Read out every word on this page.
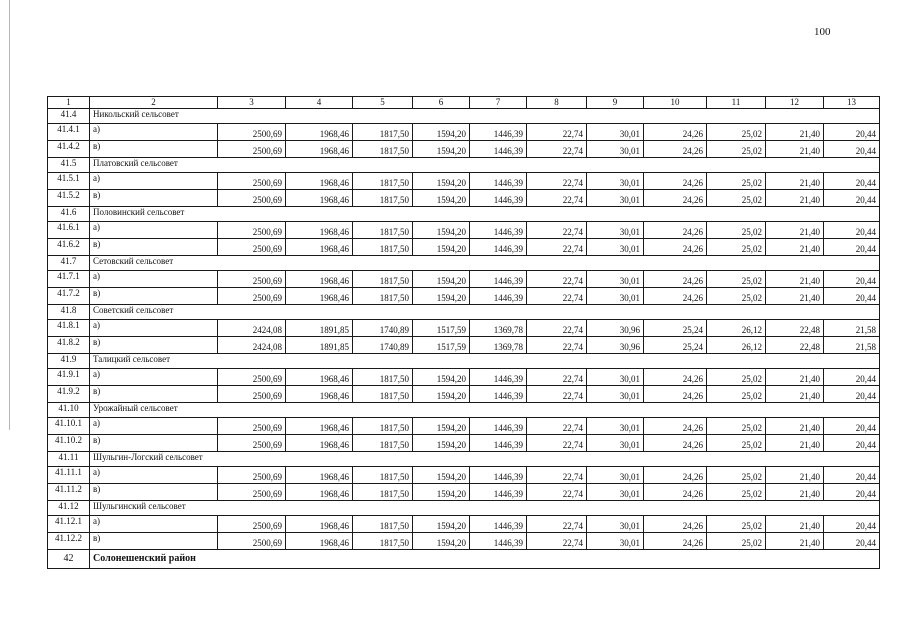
100
1	2	3	4	5	6	7	8	9	10	11	12	13
41.4	Никольский сельсовет											
41.4.1	а)	2500,69	1968,46	1817,50	1594,20	1446,39	22,74	30,01	24,26	25,02	21,40	20,44
41.4.2	в)	2500,69	1968,46	1817,50	1594,20	1446,39	22,74	30,01	24,26	25,02	21,40	20,44
41.5	Платовский сельсовет											
41.5.1	а)	2500,69	1968,46	1817,50	1594,20	1446,39	22,74	30,01	24,26	25,02	21,40	20,44
41.5.2	в)	2500,69	1968,46	1817,50	1594,20	1446,39	22,74	30,01	24,26	25,02	21,40	20,44
41.6	Половинский сельсовет											
41.6.1	а)	2500,69	1968,46	1817,50	1594,20	1446,39	22,74	30,01	24,26	25,02	21,40	20,44
41.6.2	в)	2500,69	1968,46	1817,50	1594,20	1446,39	22,74	30,01	24,26	25,02	21,40	20,44
41.7	Сетовский сельсовет											
41.7.1	а)	2500,69	1968,46	1817,50	1594,20	1446,39	22,74	30,01	24,26	25,02	21,40	20,44
41.7.2	в)	2500,69	1968,46	1817,50	1594,20	1446,39	22,74	30,01	24,26	25,02	21,40	20,44
41.8	Советский сельсовет											
41.8.1	а)	2424,08	1891,85	1740,89	1517,59	1369,78	22,74	30,96	25,24	26,12	22,48	21,58
41.8.2	в)	2424,08	1891,85	1740,89	1517,59	1369,78	22,74	30,96	25,24	26,12	22,48	21,58
41.9	Талицкий сельсовет											
41.9.1	а)	2500,69	1968,46	1817,50	1594,20	1446,39	22,74	30,01	24,26	25,02	21,40	20,44
41.9.2	в)	2500,69	1968,46	1817,50	1594,20	1446,39	22,74	30,01	24,26	25,02	21,40	20,44
41.10	Урожайный сельсовет											
41.10.1	а)	2500,69	1968,46	1817,50	1594,20	1446,39	22,74	30,01	24,26	25,02	21,40	20,44
41.10.2	в)	2500,69	1968,46	1817,50	1594,20	1446,39	22,74	30,01	24,26	25,02	21,40	20,44
41.11	Шульгин-Логский сельсовет											
41.11.1	а)	2500,69	1968,46	1817,50	1594,20	1446,39	22,74	30,01	24,26	25,02	21,40	20,44
41.11.2	в)	2500,69	1968,46	1817,50	1594,20	1446,39	22,74	30,01	24,26	25,02	21,40	20,44
41.12	Шульгинский сельсовет											
41.12.1	а)	2500,69	1968,46	1817,50	1594,20	1446,39	22,74	30,01	24,26	25,02	21,40	20,44
41.12.2	в)	2500,69	1968,46	1817,50	1594,20	1446,39	22,74	30,01	24,26	25,02	21,40	20,44
42	Солонешенский район											
